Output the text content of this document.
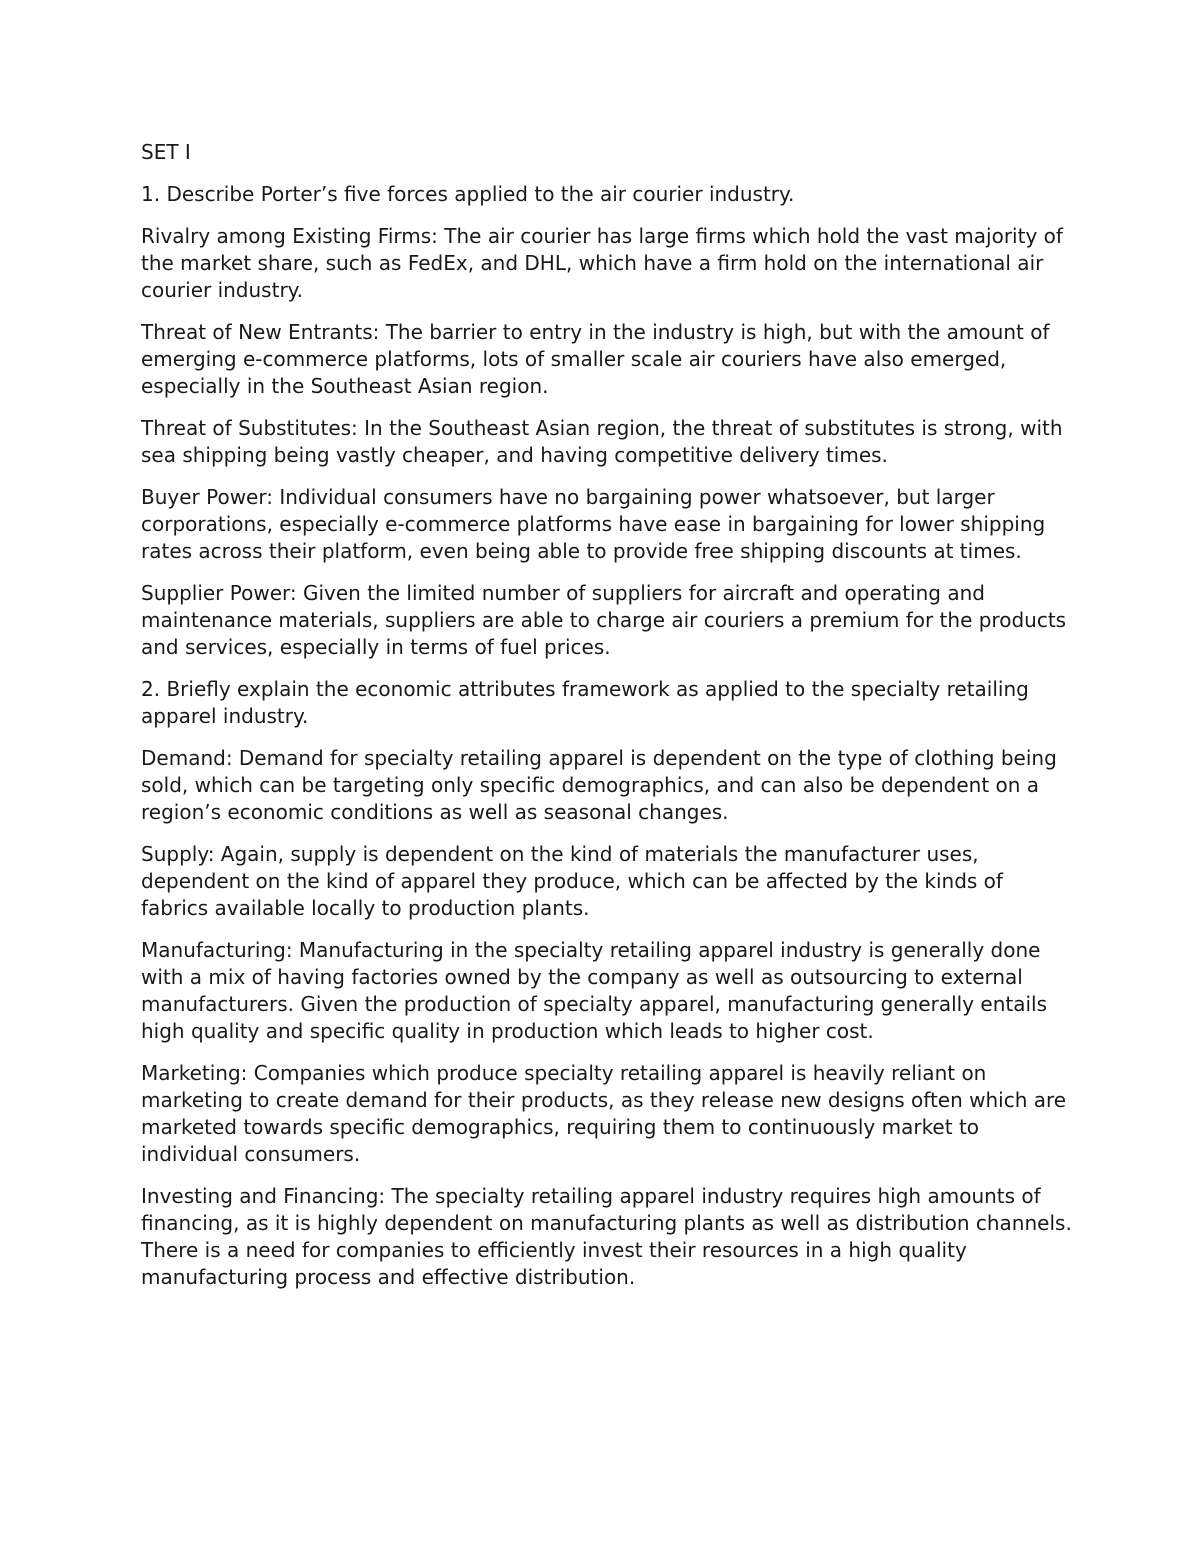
SET I

1. Describe Porter’s five forces applied to the air courier industry.

Rivalry among Existing Firms: The air courier has large firms which hold the vast majority of the market share, such as FedEx, and DHL, which have a firm hold on the international air courier industry.

Threat of New Entrants: The barrier to entry in the industry is high, but with the amount of emerging e-commerce platforms, lots of smaller scale air couriers have also emerged, especially in the Southeast Asian region.

Threat of Substitutes: In the Southeast Asian region, the threat of substitutes is strong, with sea shipping being vastly cheaper, and having competitive delivery times.

Buyer Power: Individual consumers have no bargaining power whatsoever, but larger corporations, especially e-commerce platforms have ease in bargaining for lower shipping rates across their platform, even being able to provide free shipping discounts at times.

Supplier Power: Given the limited number of suppliers for aircraft and operating and maintenance materials, suppliers are able to charge air couriers a premium for the products and services, especially in terms of fuel prices.

2. Briefly explain the economic attributes framework as applied to the specialty retailing apparel industry.

Demand: Demand for specialty retailing apparel is dependent on the type of clothing being sold, which can be targeting only specific demographics, and can also be dependent on a region’s economic conditions as well as seasonal changes.

Supply: Again, supply is dependent on the kind of materials the manufacturer uses, dependent on the kind of apparel they produce, which can be affected by the kinds of fabrics available locally to production plants.

Manufacturing: Manufacturing in the specialty retailing apparel industry is generally done with a mix of having factories owned by the company as well as outsourcing to external manufacturers. Given the production of specialty apparel, manufacturing generally entails high quality and specific quality in production which leads to higher cost.

Marketing: Companies which produce specialty retailing apparel is heavily reliant on marketing to create demand for their products, as they release new designs often which are marketed towards specific demographics, requiring them to continuously market to individual consumers.

Investing and Financing: The specialty retailing apparel industry requires high amounts of financing, as it is highly dependent on manufacturing plants as well as distribution channels. There is a need for companies to efficiently invest their resources in a high quality manufacturing process and effective distribution.
